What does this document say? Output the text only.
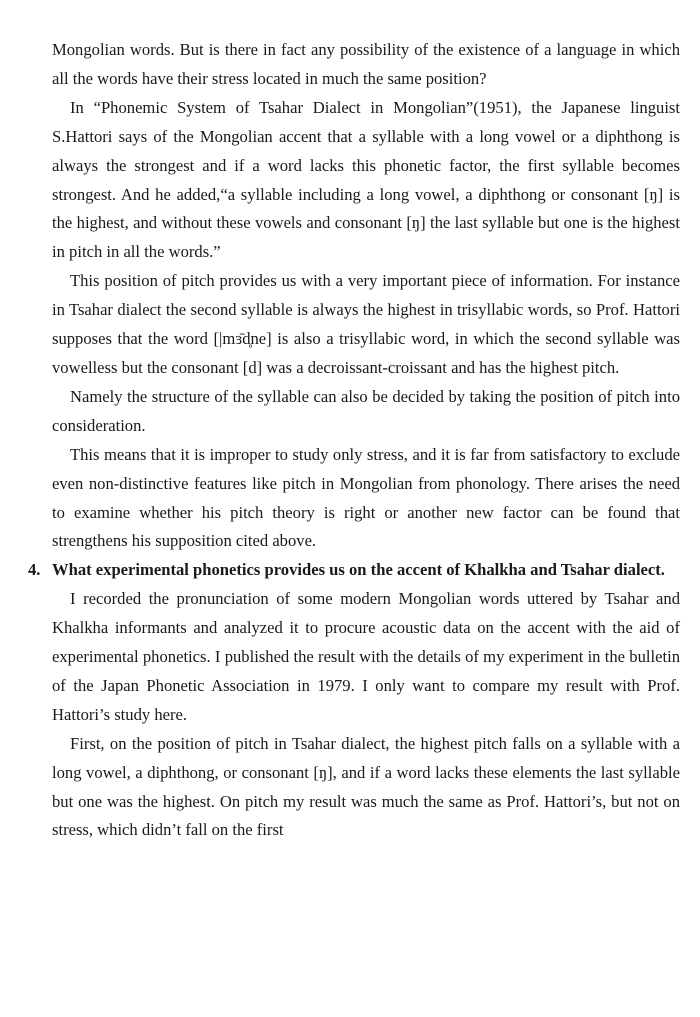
Mongolian words. But is there in fact any possibility of the existence of a language in which all the words have their stress located in much the same position?

In “Phonemic System of Tsahar Dialect in Mongolian”(1951), the Japanese linguist S.Hattori says of the Mongolian accent that a syllable with a long vowel or a diphthong is always the strongest and if a word lacks this phonetic factor, the first syllable becomes strongest. And he added,“a syllable including a long vowel, a diphthong or consonant [ŋ] is the highest, and without these vowels and consonant [ŋ] the last syllable but one is the highest in pitch in all the words.”

This position of pitch provides us with a very important piece of information. For instance in Tsahar dialect the second syllable is always the highest in trisyllabic words, so Prof. Hattori supposes that the word [|mɜ̄d̥ne] is also a trisyllabic word, in which the second syllable was vowelless but the consonant [d] was a decroissant-croissant and has the highest pitch.

Namely the structure of the syllable can also be decided by taking the position of pitch into consideration.

This means that it is improper to study only stress, and it is far from satisfactory to exclude even non-distinctive features like pitch in Mongolian from phonology. There arises the need to examine whether his pitch theory is right or another new factor can be found that strengthens his supposition cited above.

4. What experimental phonetics provides us on the accent of Khalkha and Tsahar dialect.

I recorded the pronunciation of some modern Mongolian words uttered by Tsahar and Khalkha informants and analyzed it to procure acoustic data on the accent with the aid of experimental phonetics. I published the result with the details of my experiment in the bulletin of the Japan Phonetic Association in 1979. I only want to compare my result with Prof. Hattori’s study here.

First, on the position of pitch in Tsahar dialect, the highest pitch falls on a syllable with a long vowel, a diphthong, or consonant [ŋ], and if a word lacks these elements the last syllable but one was the highest. On pitch my result was much the same as Prof. Hattori’s, but not on stress, which didn’t fall on the first
